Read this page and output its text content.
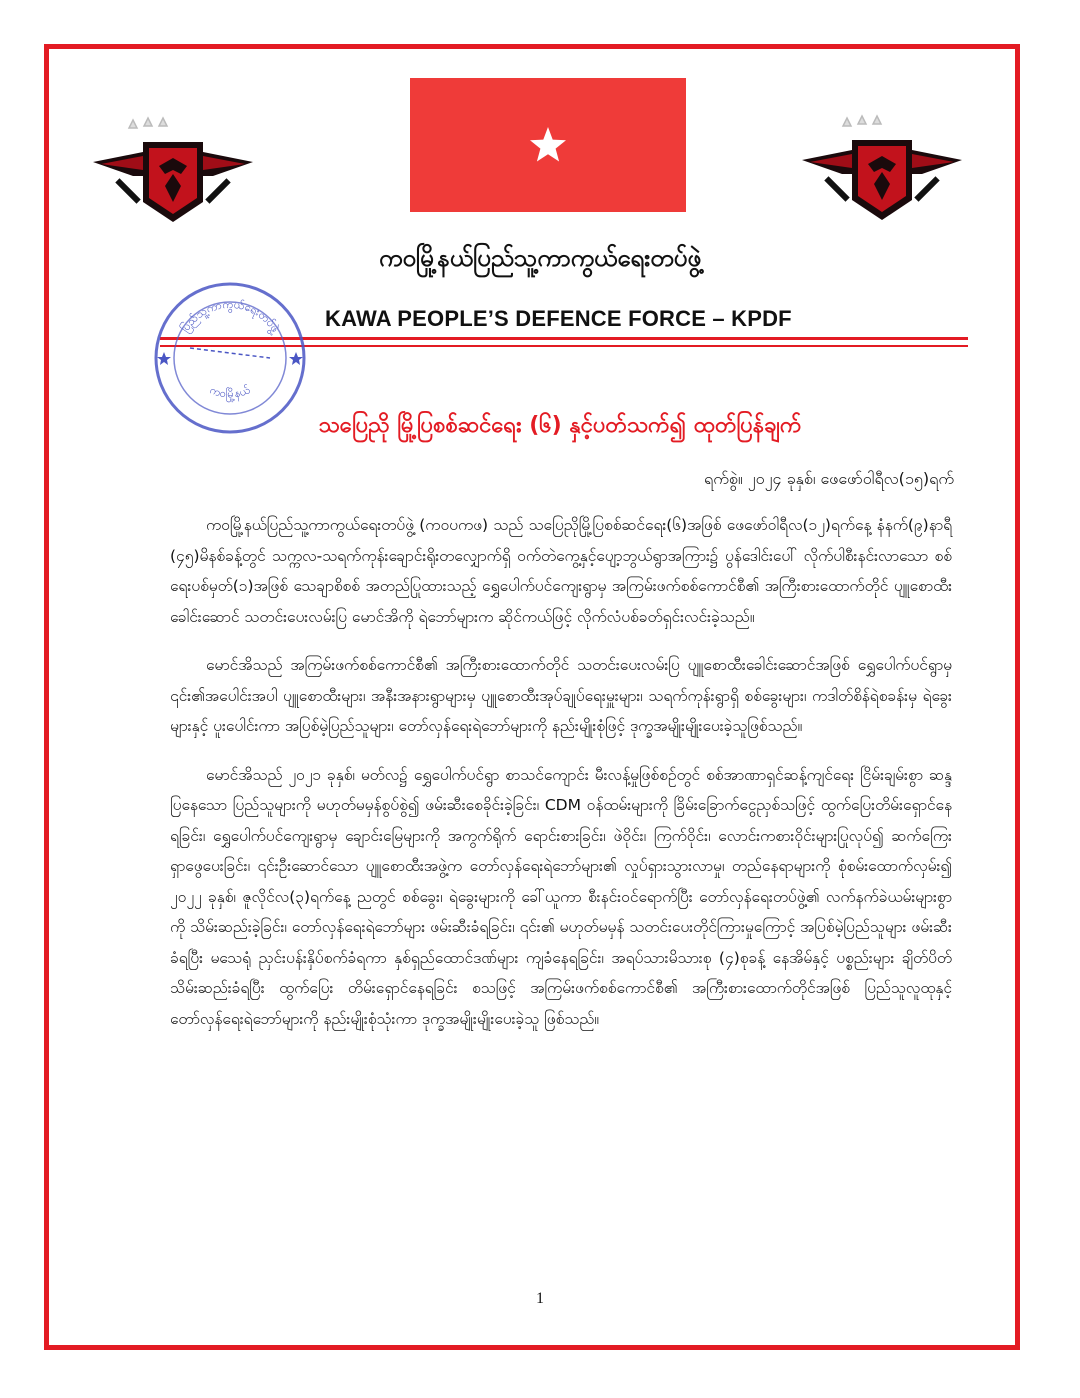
ကဝမြို့နယ်ပြည်သူ့ကာကွယ်ရေးတပ်ဖွဲ့
KAWA PEOPLE’S DEFENCE FORCE – KPDF
ပြည်သူ့ကာကွယ်ရေးတပ်ဖွဲ့
ကဝမြို့နယ်
သပြေညို မြို့ပြစစ်ဆင်ရေး (၆) နှင့်ပတ်သက်၍ ထုတ်ပြန်ချက်
ရက်စွဲ။ ၂၀၂၄ ခုနှစ်၊ ဖေဖော်ဝါရီလ(၁၅)ရက်

ကဝမြို့နယ်ပြည်သူ့ကာကွယ်ရေးတပ်ဖွဲ့ (ကဝပကဖ) သည် သပြေညိုမြို့ပြစစ်ဆင်ရေး(၆)အဖြစ် ဖေဖော်ဝါရီလ(၁၂)ရက်နေ့ နံနက်(၉)နာရီ (၄၅)မိနစ်ခန့်တွင် သက္ကလ-သရက်ကုန်းချောင်းရိုးတလျှောက်ရှိ ဝက်တဲကွေ့နှင့်ပျော့ဘွယ်ရွာအကြား၌ ပွန်ဒေါင်းပေါ် လိုက်ပါစီးနင်းလာသော စစ်ရေးပစ်မှတ်(၁)အဖြစ် သေချာစိစစ် အတည်ပြုထားသည့် ရွှေပေါက်ပင်ကျေးရွာမှ အကြမ်းဖက်စစ်ကောင်စီ၏ အကြီးစားထောက်တိုင် ပျူစောထီးခေါင်းဆောင် သတင်းပေးလမ်းပြ မောင်အိကို ရဲဘော်များက ဆိုင်ကယ်ဖြင့် လိုက်လံပစ်ခတ်ရှင်းလင်းခဲ့သည်။

မောင်အိသည် အကြမ်းဖက်စစ်ကောင်စီ၏ အကြီးစားထောက်တိုင် သတင်းပေးလမ်းပြ ပျူစောထီးခေါင်းဆောင်အဖြစ် ရွှေပေါက်ပင်ရွာမှ ၎င်း၏အပေါင်းအပါ ပျူစောထီးများ၊ အနီးအနားရွာများမှ ပျူစောထီးအုပ်ချုပ်ရေးမှူးများ၊ သရက်ကုန်းရွာရှိ စစ်ခွေးများ၊ ကဒါတ်စိန်ရဲစခန်းမှ ရဲခွေးများနှင့် ပူးပေါင်းကာ အပြစ်မဲ့ပြည်သူများ၊ တော်လှန်ရေးရဲဘော်များကို နည်းမျိုးစုံဖြင့် ဒုက္ခအမျိုးမျိုးပေးခဲ့သူဖြစ်သည်။

မောင်အိသည် ၂၀၂၁ ခုနှစ်၊ မတ်လ၌ ရွှေပေါက်ပင်ရွာ စာသင်ကျောင်း မီးလန့်မှုဖြစ်စဉ်တွင် စစ်အာဏာရှင်ဆန့်ကျင်ရေး ငြိမ်းချမ်းစွာ ဆန္ဒပြနေသော ပြည်သူများကို မဟုတ်မမှန်စွပ်စွဲ၍ ဖမ်းဆီးစေခိုင်းခဲ့ခြင်း၊ CDM ဝန်ထမ်းများကို ခြိမ်းခြောက်ငွေညှစ်သဖြင့် ထွက်ပြေးတိမ်းရှောင်နေရခြင်း၊ ရွှေပေါက်ပင်ကျေးရွာမှ ချောင်းမြေများကို အကွက်ရိုက် ရောင်းစားခြင်း၊ ဖဲဝိုင်း၊ ကြက်ဝိုင်း၊ လောင်းကစားဝိုင်းများပြုလုပ်၍ ဆက်ကြေးရှာဖွေပေးခြင်း၊ ၎င်းဦးဆောင်သော ပျူစောထီးအဖွဲ့က တော်လှန်ရေးရဲဘော်များ၏ လှုပ်ရှားသွားလာမှု၊ တည်နေရာများကို စုံစမ်းထောက်လှမ်း၍ ၂၀၂၂ ခုနှစ်၊ ဇူလိုင်လ(၃)ရက်နေ့ ညတွင် စစ်ခွေး၊ ရဲခွေးများကို ခေါ်ယူကာ စီးနင်းဝင်ရောက်ပြီး တော်လှန်ရေးတပ်ဖွဲ့၏ လက်နက်ခဲယမ်းများစွာကို သိမ်းဆည်းခဲ့ခြင်း၊ တော်လှန်ရေးရဲဘော်များ ဖမ်းဆီးခံရခြင်း၊ ၎င်း၏ မဟုတ်မမှန် သတင်းပေးတိုင်ကြားမှုကြောင့် အပြစ်မဲ့ပြည်သူများ ဖမ်းဆီးခံရပြီး မသေရုံ ညှင်းပန်းနှိပ်စက်ခံရကာ နှစ်ရှည်ထောင်ဒဏ်များ ကျခံနေရခြင်း၊ အရပ်သားမိသားစု (၄)စုခန့် နေအိမ်နှင့် ပစ္စည်းများ ချိတ်ပိတ်သိမ်းဆည်းခံရပြီး ထွက်ပြေး တိမ်းရှောင်နေရခြင်း စသဖြင့် အကြမ်းဖက်စစ်ကောင်စီ၏ အကြီးစားထောက်တိုင်အဖြစ် ပြည်သူလူထုနှင့် တော်လှန်ရေးရဲဘော်များကို နည်းမျိုးစုံသုံးကာ ဒုက္ခအမျိုးမျိုးပေးခဲ့သူ ဖြစ်သည်။

1
